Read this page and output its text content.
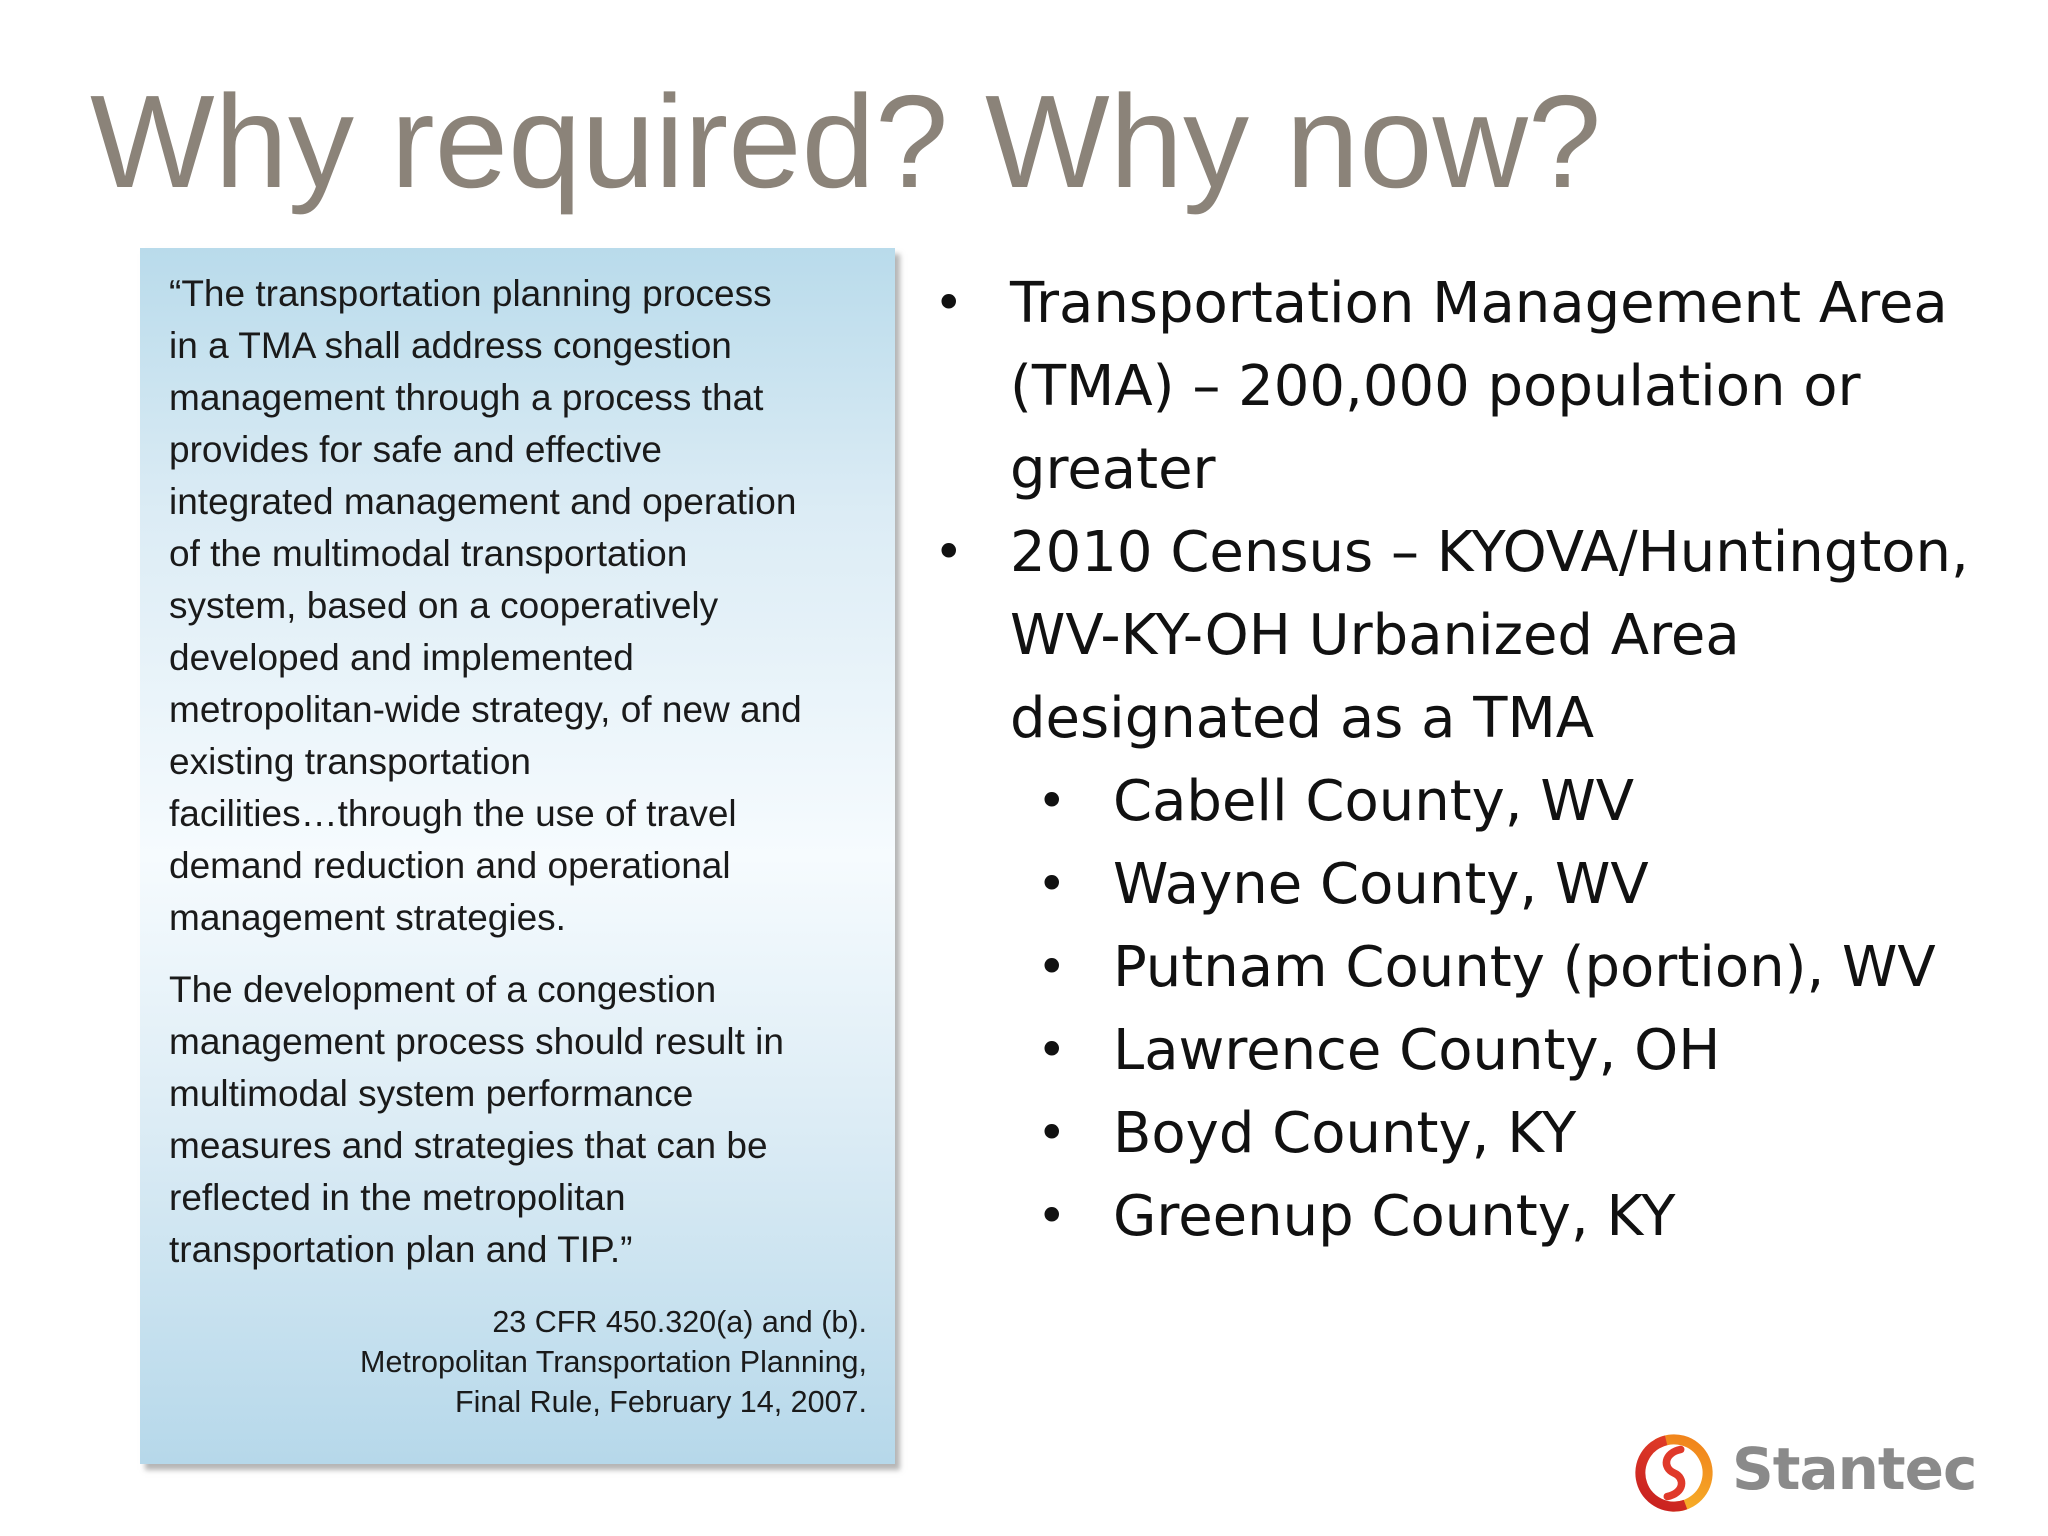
Why required? Why now?

“The transportation planning process
in a TMA shall address congestion
management through a process that
provides for safe and effective
integrated management and operation
of the multimodal transportation
system, based on a cooperatively
developed and implemented
metropolitan-wide strategy, of new and
existing transportation
facilities…through the use of travel
demand reduction and operational
management strategies.

The development of a congestion
management process should result in
multimodal system performance
measures and strategies that can be
reflected in the metropolitan
transportation plan and TIP.”

23 CFR 450.320(a) and (b).
Metropolitan Transportation Planning,
Final Rule, February 14, 2007.
• Transportation Management Area
(TMA) – 200,000 population or
greater
• 2010 Census – KYOVA/Huntington,
WV-KY-OH Urbanized Area
designated as a TMA
• Cabell County, WV
• Wayne County, WV
• Putnam County (portion), WV
• Lawrence County, OH
• Boyd County, KY
• Greenup County, KY
Stantec
